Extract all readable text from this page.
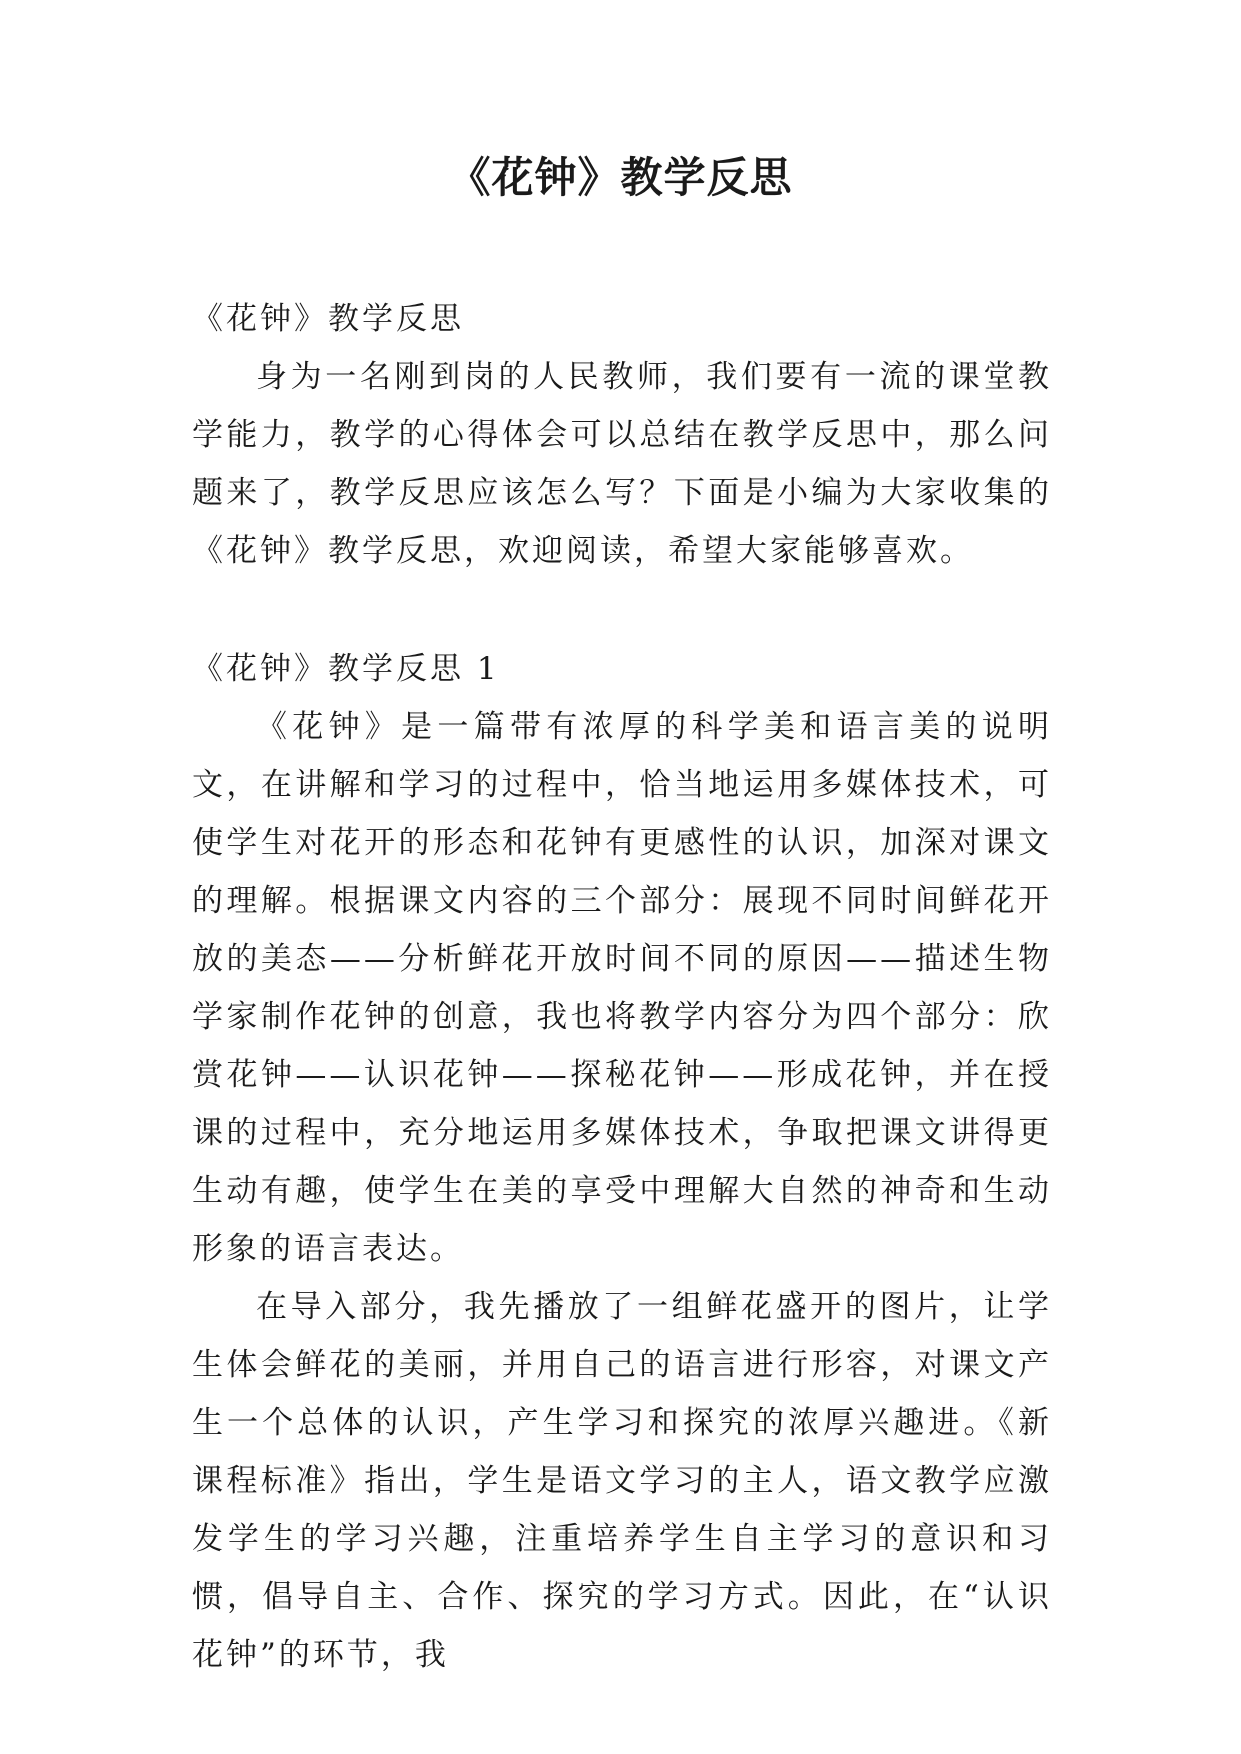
《花钟》教学反思
《花钟》教学反思

身为一名刚到岗的人民教师，我们要有一流的课堂教学能力，教学的心得体会可以总结在教学反思中，那么问题来了，教学反思应该怎么写？下面是小编为大家收集的《花钟》教学反思，欢迎阅读，希望大家能够喜欢。

《花钟》教学反思 1

《花钟》是一篇带有浓厚的科学美和语言美的说明文，在讲解和学习的过程中，恰当地运用多媒体技术，可使学生对花开的形态和花钟有更感性的认识，加深对课文的理解。根据课文内容的三个部分：展现不同时间鲜花开放的美态——分析鲜花开放时间不同的原因——描述生物学家制作花钟的创意，我也将教学内容分为四个部分：欣赏花钟——认识花钟——探秘花钟——形成花钟，并在授课的过程中，充分地运用多媒体技术，争取把课文讲得更生动有趣，使学生在美的享受中理解大自然的神奇和生动形象的语言表达。

在导入部分，我先播放了一组鲜花盛开的图片，让学生体会鲜花的美丽，并用自己的语言进行形容，对课文产生一个总体的认识，产生学习和探究的浓厚兴趣进。《新课程标准》指出，学生是语文学习的主人，语文教学应激发学生的学习兴趣，注重培养学生自主学习的意识和习惯，倡导自主、合作、探究的学习方式。因此，在“认识花钟”的环节，我
